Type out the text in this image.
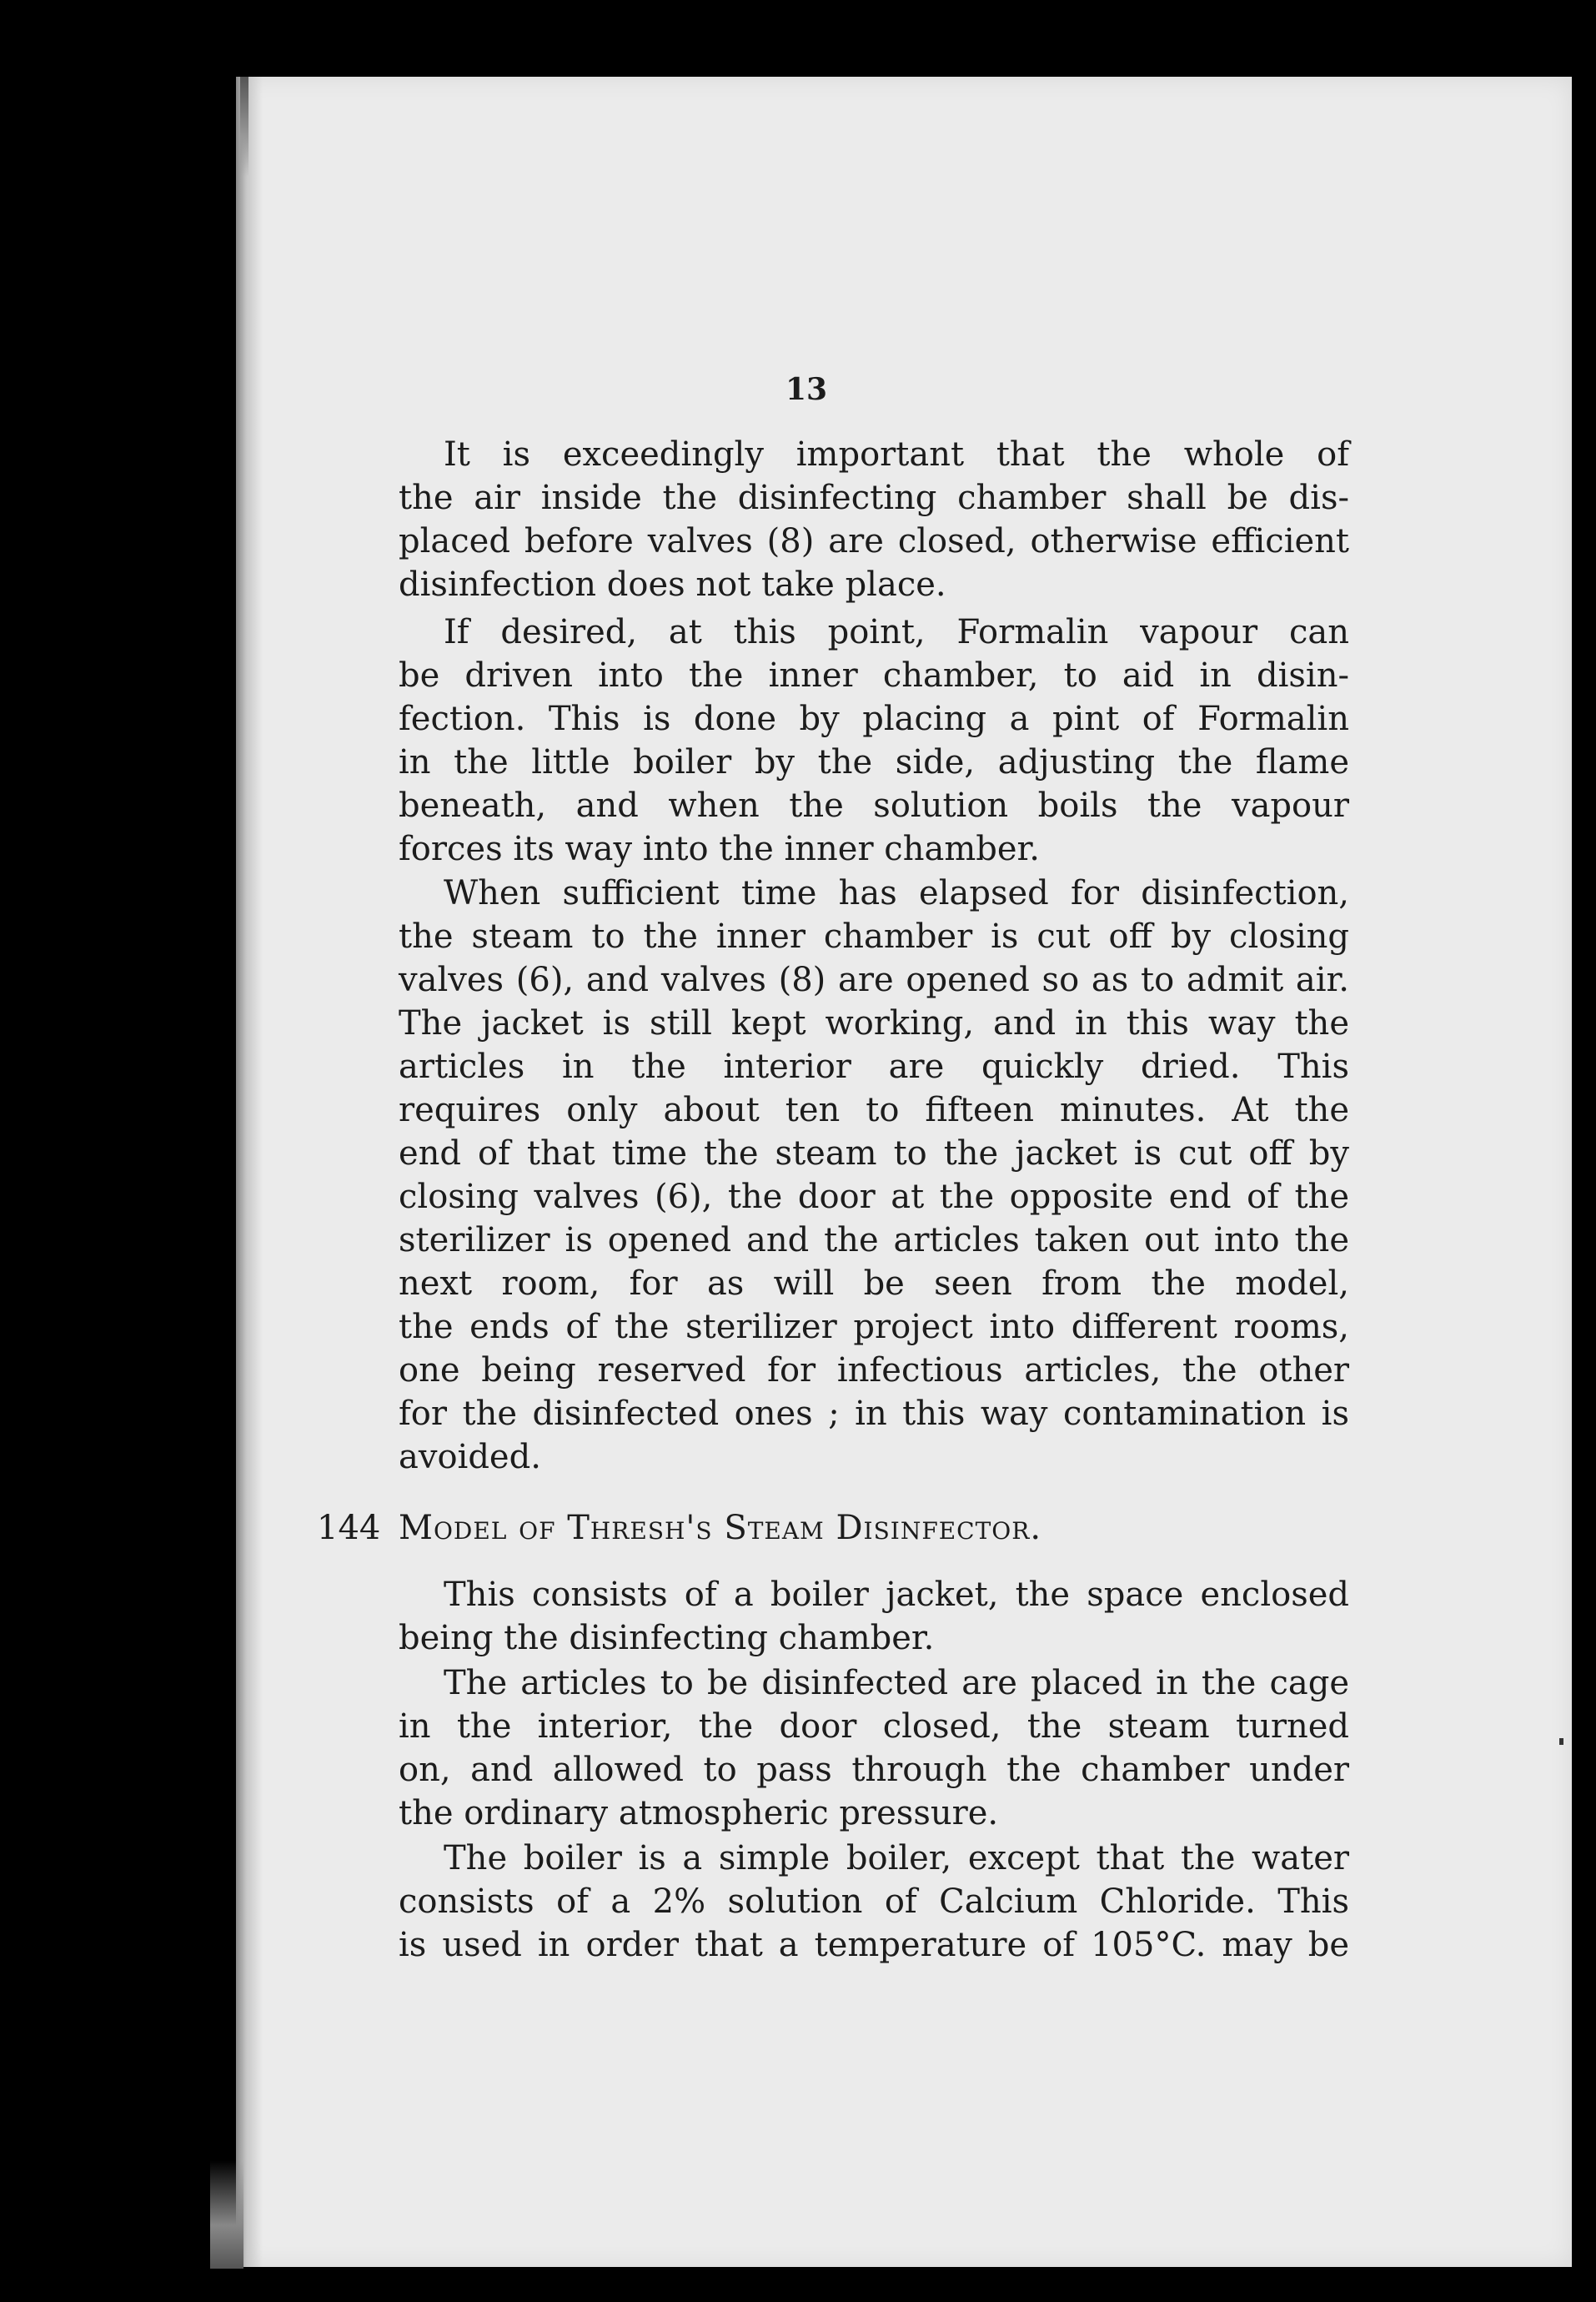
13
It is exceedingly important that the whole of
the air inside the disinfecting chamber shall be dis-
placed before valves (8) are closed, otherwise efficient
disinfection does not take place.
If desired, at this point, Formalin vapour can
be driven into the inner chamber, to aid in disin-
fection. This is done by placing a pint of Formalin
in the little boiler by the side, adjusting the flame
beneath, and when the solution boils the vapour
forces its way into the inner chamber.
When sufficient time has elapsed for disinfection,
the steam to the inner chamber is cut off by closing
valves (6), and valves (8) are opened so as to admit air.
The jacket is still kept working, and in this way the
articles in the interior are quickly dried. This
requires only about ten to fifteen minutes. At the
end of that time the steam to the jacket is cut off by
closing valves (6), the door at the opposite end of the
sterilizer is opened and the articles taken out into the
next room, for as will be seen from the model,
the ends of the sterilizer project into different rooms,
one being reserved for infectious articles, the other
for the disinfected ones ; in this way contamination is
avoided.
144 Model of Thresh's Steam Disinfector.
This consists of a boiler jacket, the space enclosed
being the disinfecting chamber.
The articles to be disinfected are placed in the cage
in the interior, the door closed, the steam turned
on, and allowed to pass through the chamber under
the ordinary atmospheric pressure.
The boiler is a simple boiler, except that the water
consists of a 2% solution of Calcium Chloride. This
is used in order that a temperature of 105°C. may be
